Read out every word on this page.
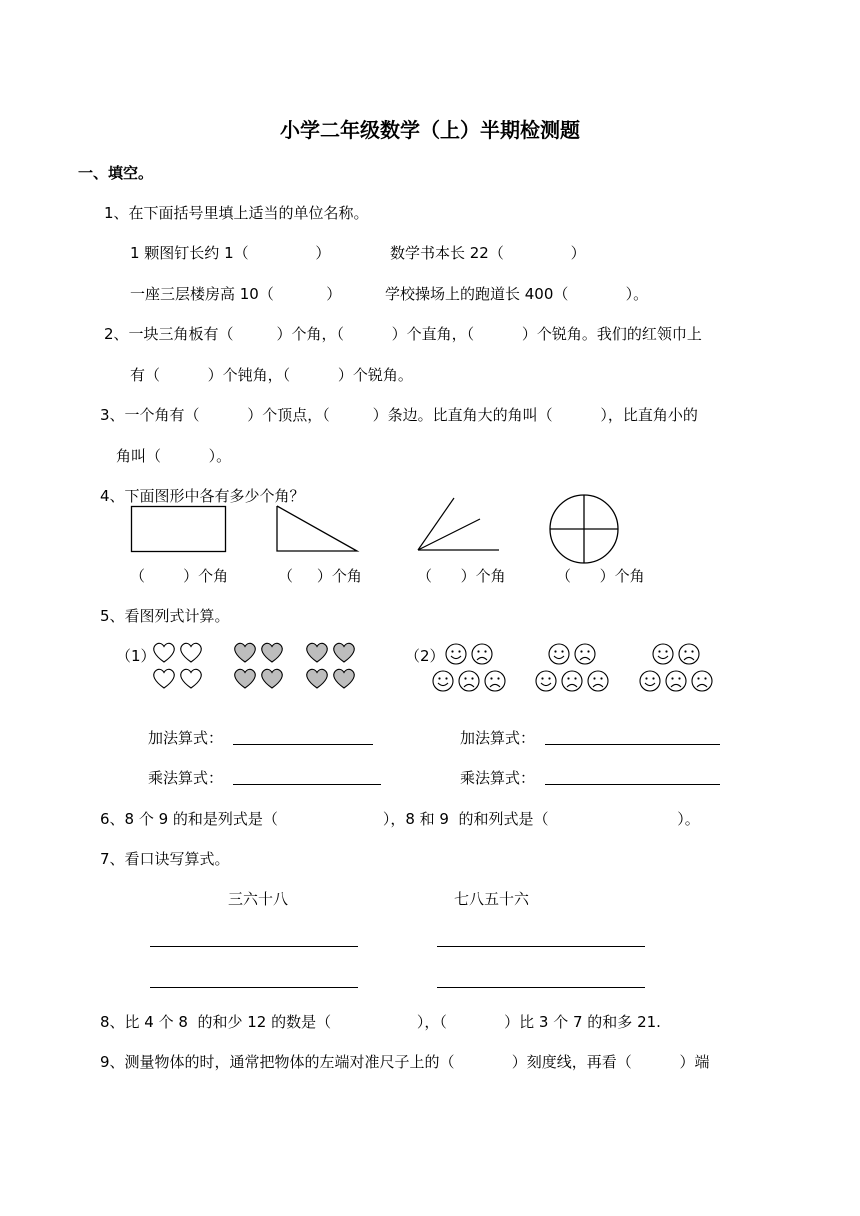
小学二年级数学（上）半期检测题
一、填空。
1、在下面括号里填上适当的单位名称。
1 颗图钉长约 1（              ）	数学书本长 22（              ）
一座三层楼房高 10（           ）	学校操场上的跑道长 400（            ）。
2、一块三角板有（         ）个角，（          ）个直角，（          ）个锐角。我们的红领巾上
有（          ）个钝角，（          ）个锐角。
3、一个角有（          ）个顶点，（         ）条边。比直角大的角叫（          ），比直角小的
角叫（          ）。
4、下面图形中各有多少个角？
（        ）个角	（     ）个角	（      ）个角	（      ）个角
5、看图列式计算。
（1）	（2）
加法算式：	加法算式：
乘法算式：	乘法算式：
6、8 个 9 的和是列式是（                      ），8 和 9  的和列式是（                           ）。
7、看口诀写算式。
三六十八	七八五十六
8、比 4 个 8  的和少 12 的数是（                  ），（            ）比 3 个 7 的和多 21.
9、测量物体的时，通常把物体的左端对准尺子上的（            ）刻度线，再看（          ）端
